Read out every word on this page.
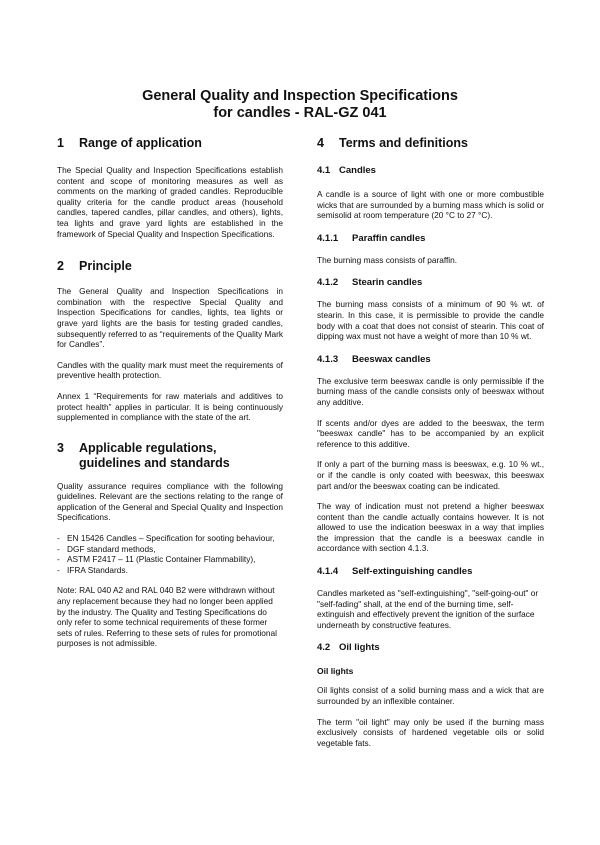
General Quality and Inspection Specifications
for candles - RAL-GZ 041
1	Range of application

The Special Quality and Inspection Specifications establish content and scope of monitoring measures as well as comments on the marking of graded candles. Reproducible quality criteria for the candle product areas (household candles, tapered candles, pillar candles, and others), lights, tea lights and grave yard lights are established in the framework of Special Quality and Inspection Specifications.

2	Principle

The General Quality and Inspection Specifications in combination with the respective Special Quality and Inspection Specifications for candles, lights, tea lights or grave yard lights are the basis for testing graded candles, subsequently referred to as “requirements of the Quality Mark for Candles”.

Candles with the quality mark must meet the requirements of preventive health protection.

Annex 1 “Requirements for raw materials and additives to protect health” applies in particular. It is being continuously supplemented in compliance with the state of the art.

3	Applicable regulations,
guidelines and standards

Quality assurance requires compliance with the following guidelines. Relevant are the sections relating to the range of application of the General and Special Quality and Inspection Specifications.

- EN 15426 Candles – Specification for sooting behaviour,
- DGF standard methods,
- ASTM F2417 – 11 (Plastic Container Flammability),
- IFRA Standards.

Note: RAL 040 A2 and RAL 040 B2 were withdrawn without any replacement because they had no longer been applied by the industry. The Quality and Testing Specifications do only refer to some technical requirements of these former sets of rules. Referring to these sets of rules for promotional purposes is not admissible.

4	Terms and definitions
4.1 Candles

A candle is a source of light with one or more combustible wicks that are surrounded by a burning mass which is solid or semisolid at room temperature (20 °C to 27 °C).

4.1.1	Paraffin candles

The burning mass consists of paraffin.

4.1.2	Stearin candles

The burning mass consists of a minimum of 90 % wt. of stearin. In this case, it is permissible to provide the candle body with a coat that does not consist of stearin. This coat of dipping wax must not have a weight of more than 10 % wt.

4.1.3	Beeswax candles

The exclusive term beeswax candle is only permissible if the burning mass of the candle consists only of beeswax without any additive.

If scents and/or dyes are added to the beeswax, the term "beeswax candle" has to be accompanied by an explicit reference to this additive.

If only a part of the burning mass is beeswax, e.g. 10 % wt., or if the candle is only coated with beeswax, this beeswax part and/or the beeswax coating can be indicated.

The way of indication must not pretend a higher beeswax content than the candle actually contains however. It is not allowed to use the indication beeswax in a way that implies the impression that the candle is a beeswax candle in accordance with section 4.1.3.

4.1.4	Self-extinguishing candles

Candles marketed as "self-extinguishing", "self-going-out" or "self-fading" shall, at the end of the burning time, self-extinguish and effectively prevent the ignition of the surface underneath by constructive features.

4.2 Oil lights
Oil lights

Oil lights consist of a solid burning mass and a wick that are surrounded by an inflexible container.

The term "oil light" may only be used if the burning mass exclusively consists of hardened vegetable oils or solid vegetable fats.
